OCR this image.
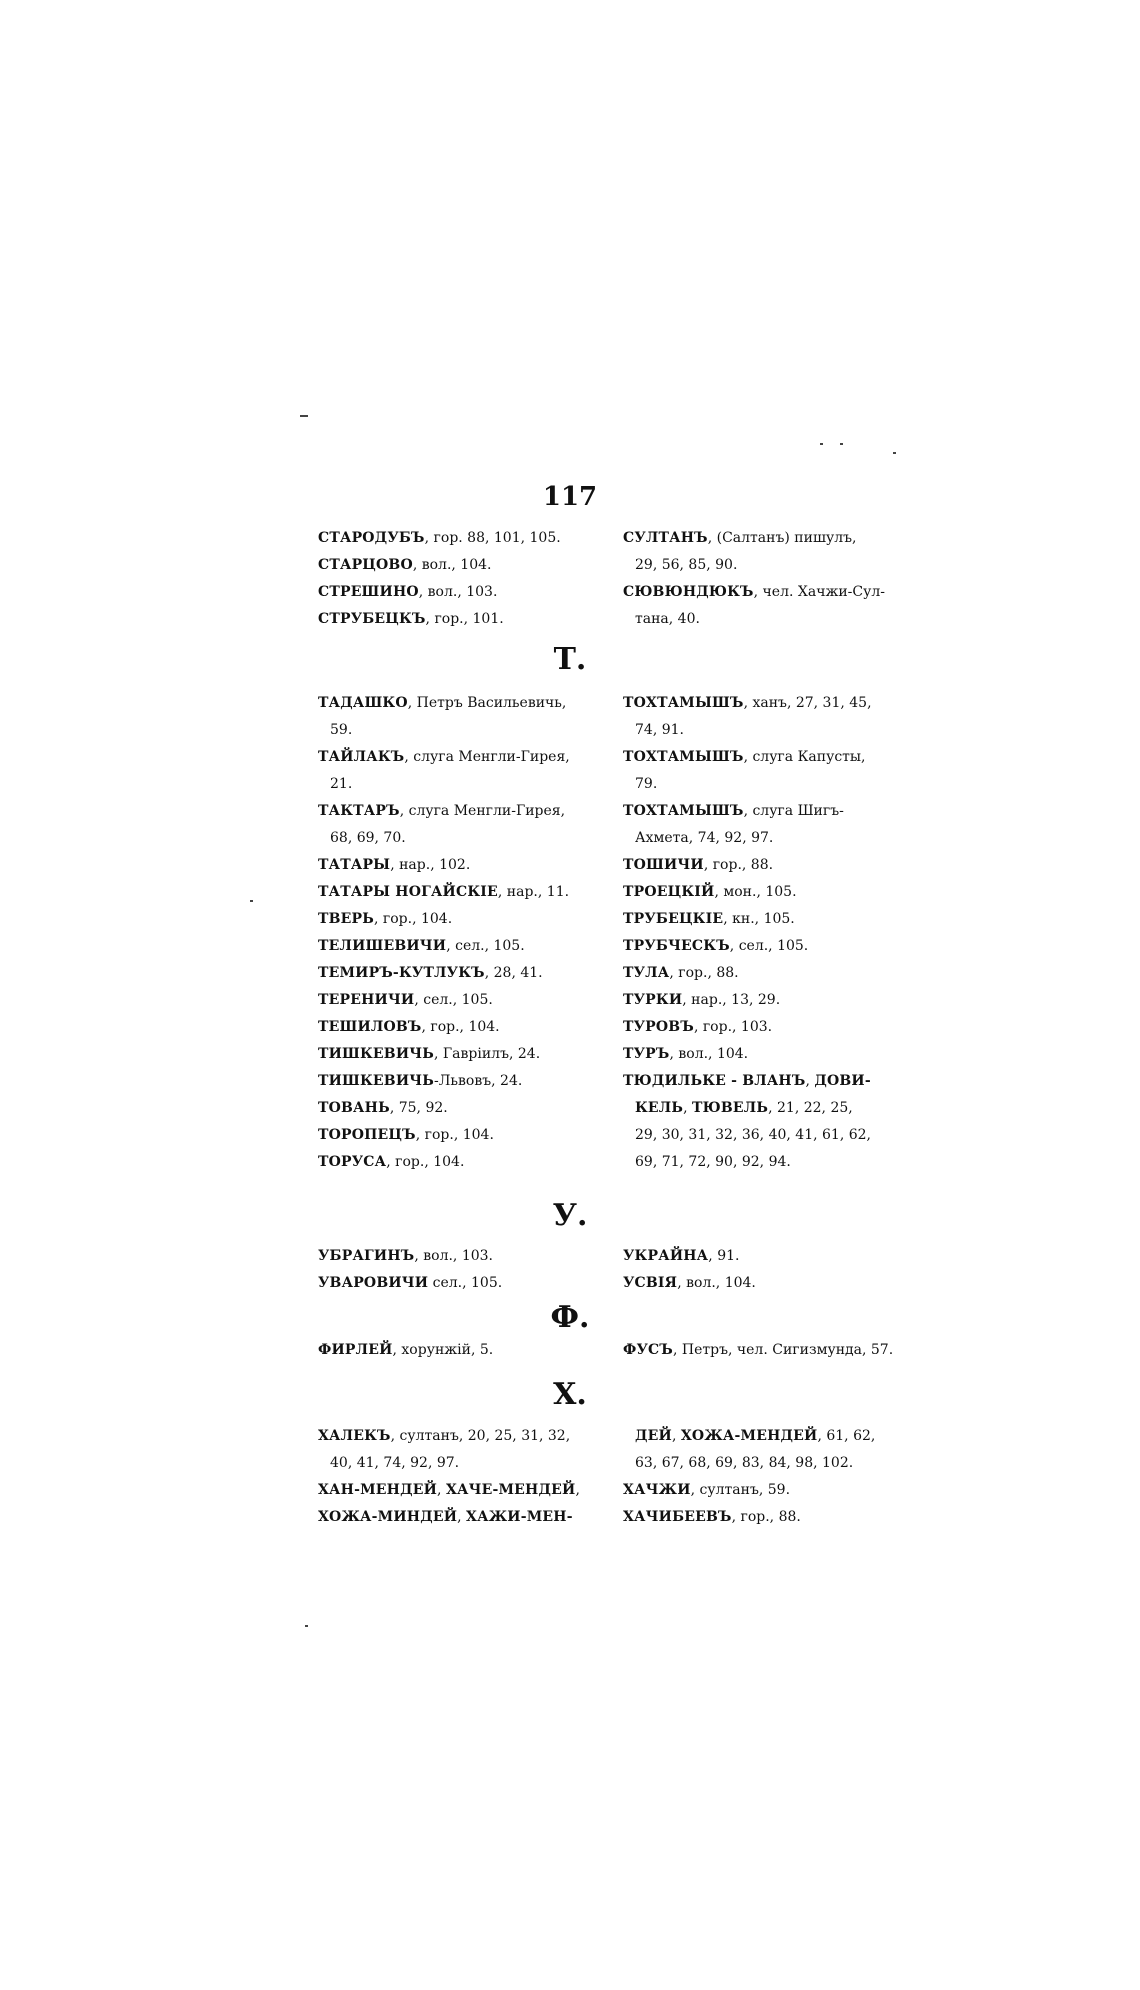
117
СТАРОДУБЪ, гор. 88, 101, 105.
СТАРЦОВО, вол., 104.
СТРЕШИНО, вол., 103.
СТРУБЕЦКЪ, гор., 101.
СУЛТАНЪ, (Салтанъ) пишулъ,
29, 56, 85, 90.
СЮВЮНДЮКЪ, чел. Хачжи-Сул-
тана, 40.
Т.
ТАДАШКО, Петръ Васильевичь,
59.
ТАЙЛАКЪ, слуга Менгли-Гирея,
21.
ТАКТАРЪ, слуга Менгли-Гирея,
68, 69, 70.
ТАТАРЫ, нар., 102.
ТАТАРЫ НОГАЙСКІЕ, нар., 11.
ТВЕРЬ, гор., 104.
ТЕЛИШЕВИЧИ, сел., 105.
ТЕМИРЪ-КУТЛУКЪ, 28, 41.
ТЕРЕНИЧИ, сел., 105.
ТЕШИЛОВЪ, гор., 104.
ТИШКЕВИЧЬ, Гавріилъ, 24.
ТИШКЕВИЧЬ-Львовъ, 24.
ТОВАНЬ, 75, 92.
ТОРОПЕЦЪ, гор., 104.
ТОРУСА, гор., 104.
ТОХТАМЫШЪ, ханъ, 27, 31, 45,
74, 91.
ТОХТАМЫШЪ, слуга Капусты,
79.
ТОХТАМЫШЪ, слуга Шигъ-
Ахмета, 74, 92, 97.
ТОШИЧИ, гор., 88.
ТРОЕЦКІЙ, мон., 105.
ТРУБЕЦКІЕ, кн., 105.
ТРУБЧЕСКЪ, сел., 105.
ТУЛА, гор., 88.
ТУРКИ, нар., 13, 29.
ТУРОВЪ, гор., 103.
ТУРЪ, вол., 104.
ТЮДИЛЬКЕ - ВЛАНЪ, ДОВИ-
КЕЛЬ, ТЮВЕЛЬ, 21, 22, 25,
29, 30, 31, 32, 36, 40, 41, 61, 62,
69, 71, 72, 90, 92, 94.
У.
УБРАГИНЪ, вол., 103.
УВАРОВИЧИ сел., 105.
УКРАЙНА, 91.
УСВІЯ, вол., 104.
Ф.
ФИРЛЕЙ, хорунжій, 5.	ФУСЪ, Петръ, чел. Сигизмунда, 57.
Х.
ХАЛЕКЪ, султанъ, 20, 25, 31, 32,
40, 41, 74, 92, 97.
ХАН-МЕНДЕЙ, ХАЧЕ-МЕНДЕЙ,
ХОЖА-МИНДЕЙ, ХАЖИ-МЕН-
ДЕЙ, ХОЖА-МЕНДЕЙ, 61, 62,
63, 67, 68, 69, 83, 84, 98, 102.
ХАЧЖИ, султанъ, 59.
ХАЧИБЕЕВЪ, гор., 88.
